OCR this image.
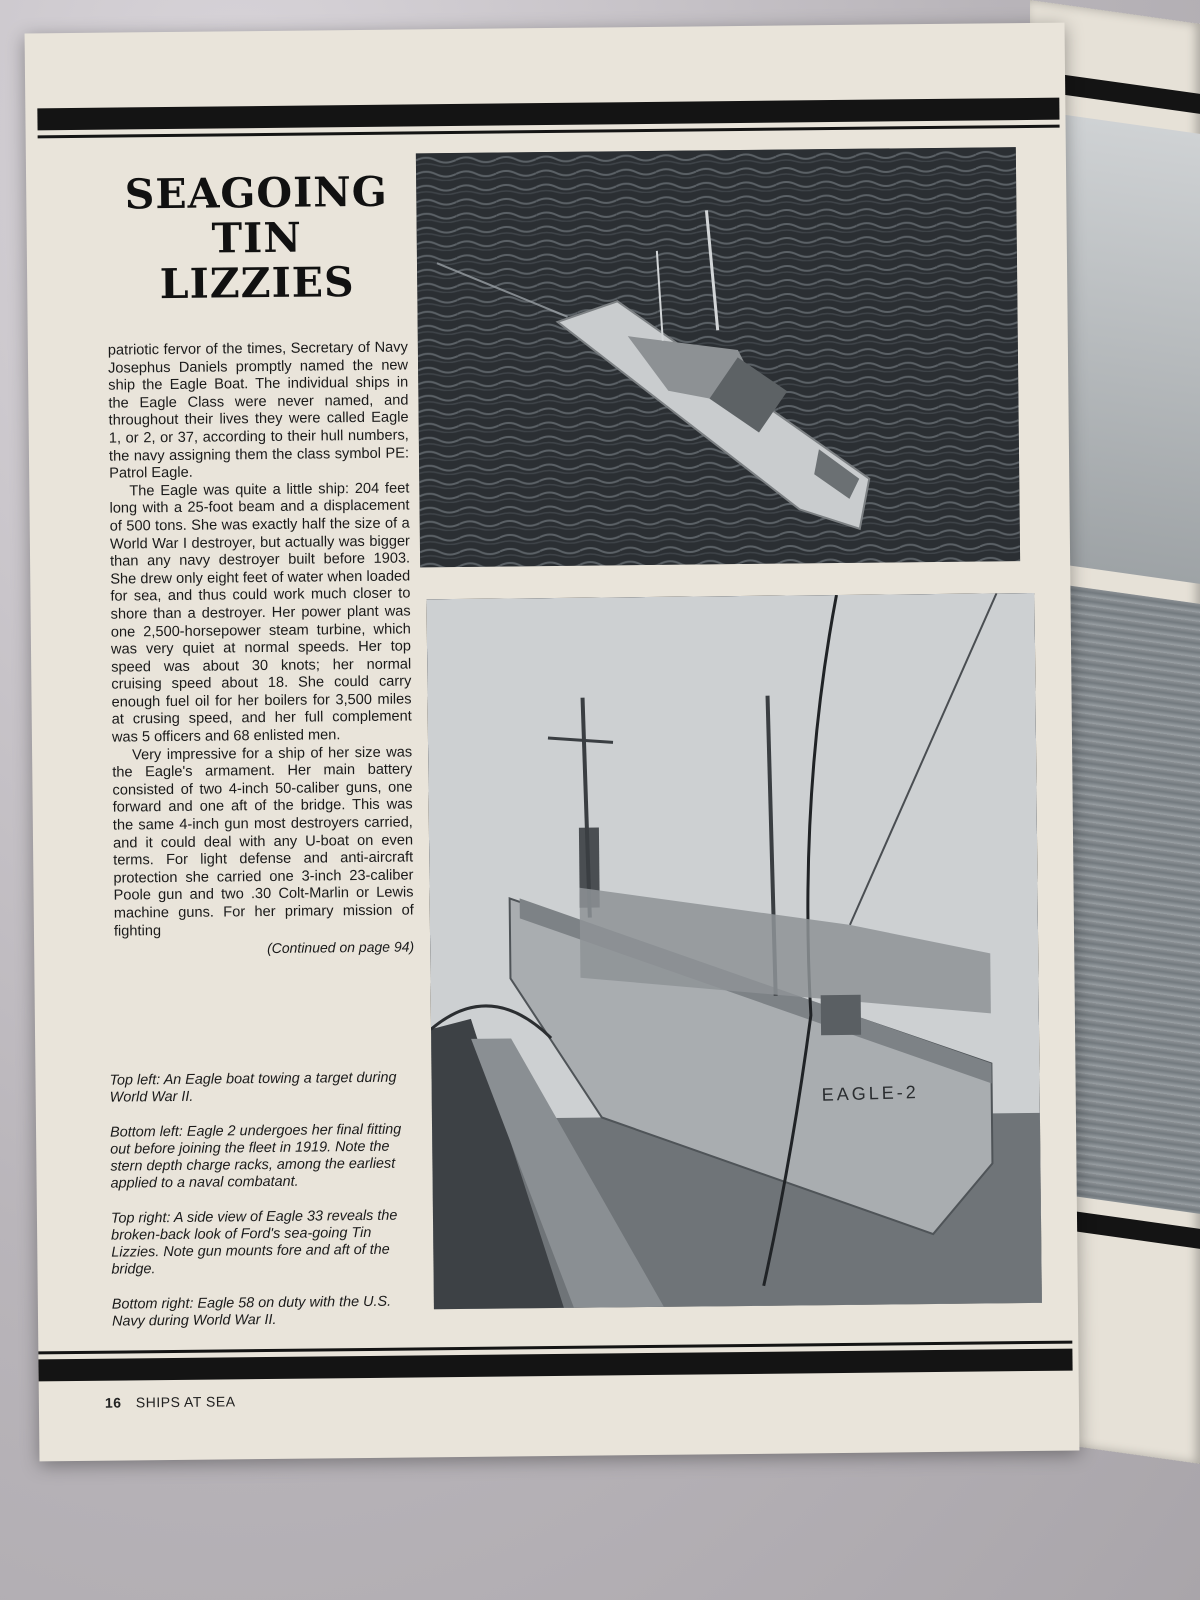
SEAGOING
TIN
LIZZIES

patriotic fervor of the times, Secretary of Navy Josephus Daniels promptly named the new ship the Eagle Boat. The individual ships in the Eagle Class were never named, and throughout their lives they were called Eagle 1, or 2, or 37, according to their hull numbers, the navy assigning them the class symbol PE: Patrol Eagle.

The Eagle was quite a little ship: 204 feet long with a 25-foot beam and a displacement of 500 tons. She was exactly half the size of a World War I destroyer, but actually was bigger than any navy destroyer built before 1903. She drew only eight feet of water when loaded for sea, and thus could work much closer to shore than a destroyer. Her power plant was one 2,500-horsepower steam turbine, which was very quiet at normal speeds. Her top speed was about 30 knots; her normal cruising speed about 18. She could carry enough fuel oil for her boilers for 3,500 miles at crusing speed, and her full complement was 5 officers and 68 enlisted men.

Very impressive for a ship of her size was the Eagle's armament. Her main battery consisted of two 4-inch 50-caliber guns, one forward and one aft of the bridge. This was the same 4-inch gun most destroyers carried, and it could deal with any U-boat on even terms. For light defense and anti-aircraft protection she carried one 3-inch 23-caliber Poole gun and two .30 Colt-Marlin or Lewis machine guns. For her primary mission of fighting

(Continued on page 94)

Top left: An Eagle boat towing a target during World War II.

Bottom left: Eagle 2 undergoes her final fitting out before joining the fleet in 1919. Note the stern depth charge racks, among the earliest applied to a naval combatant.

Top right: A side view of Eagle 33 reveals the broken-back look of Ford's sea-going Tin Lizzies. Note gun mounts fore and aft of the bridge.

Bottom right: Eagle 58 on duty with the U.S. Navy during World War II.

EAGLE-2
16 SHIPS AT SEA
